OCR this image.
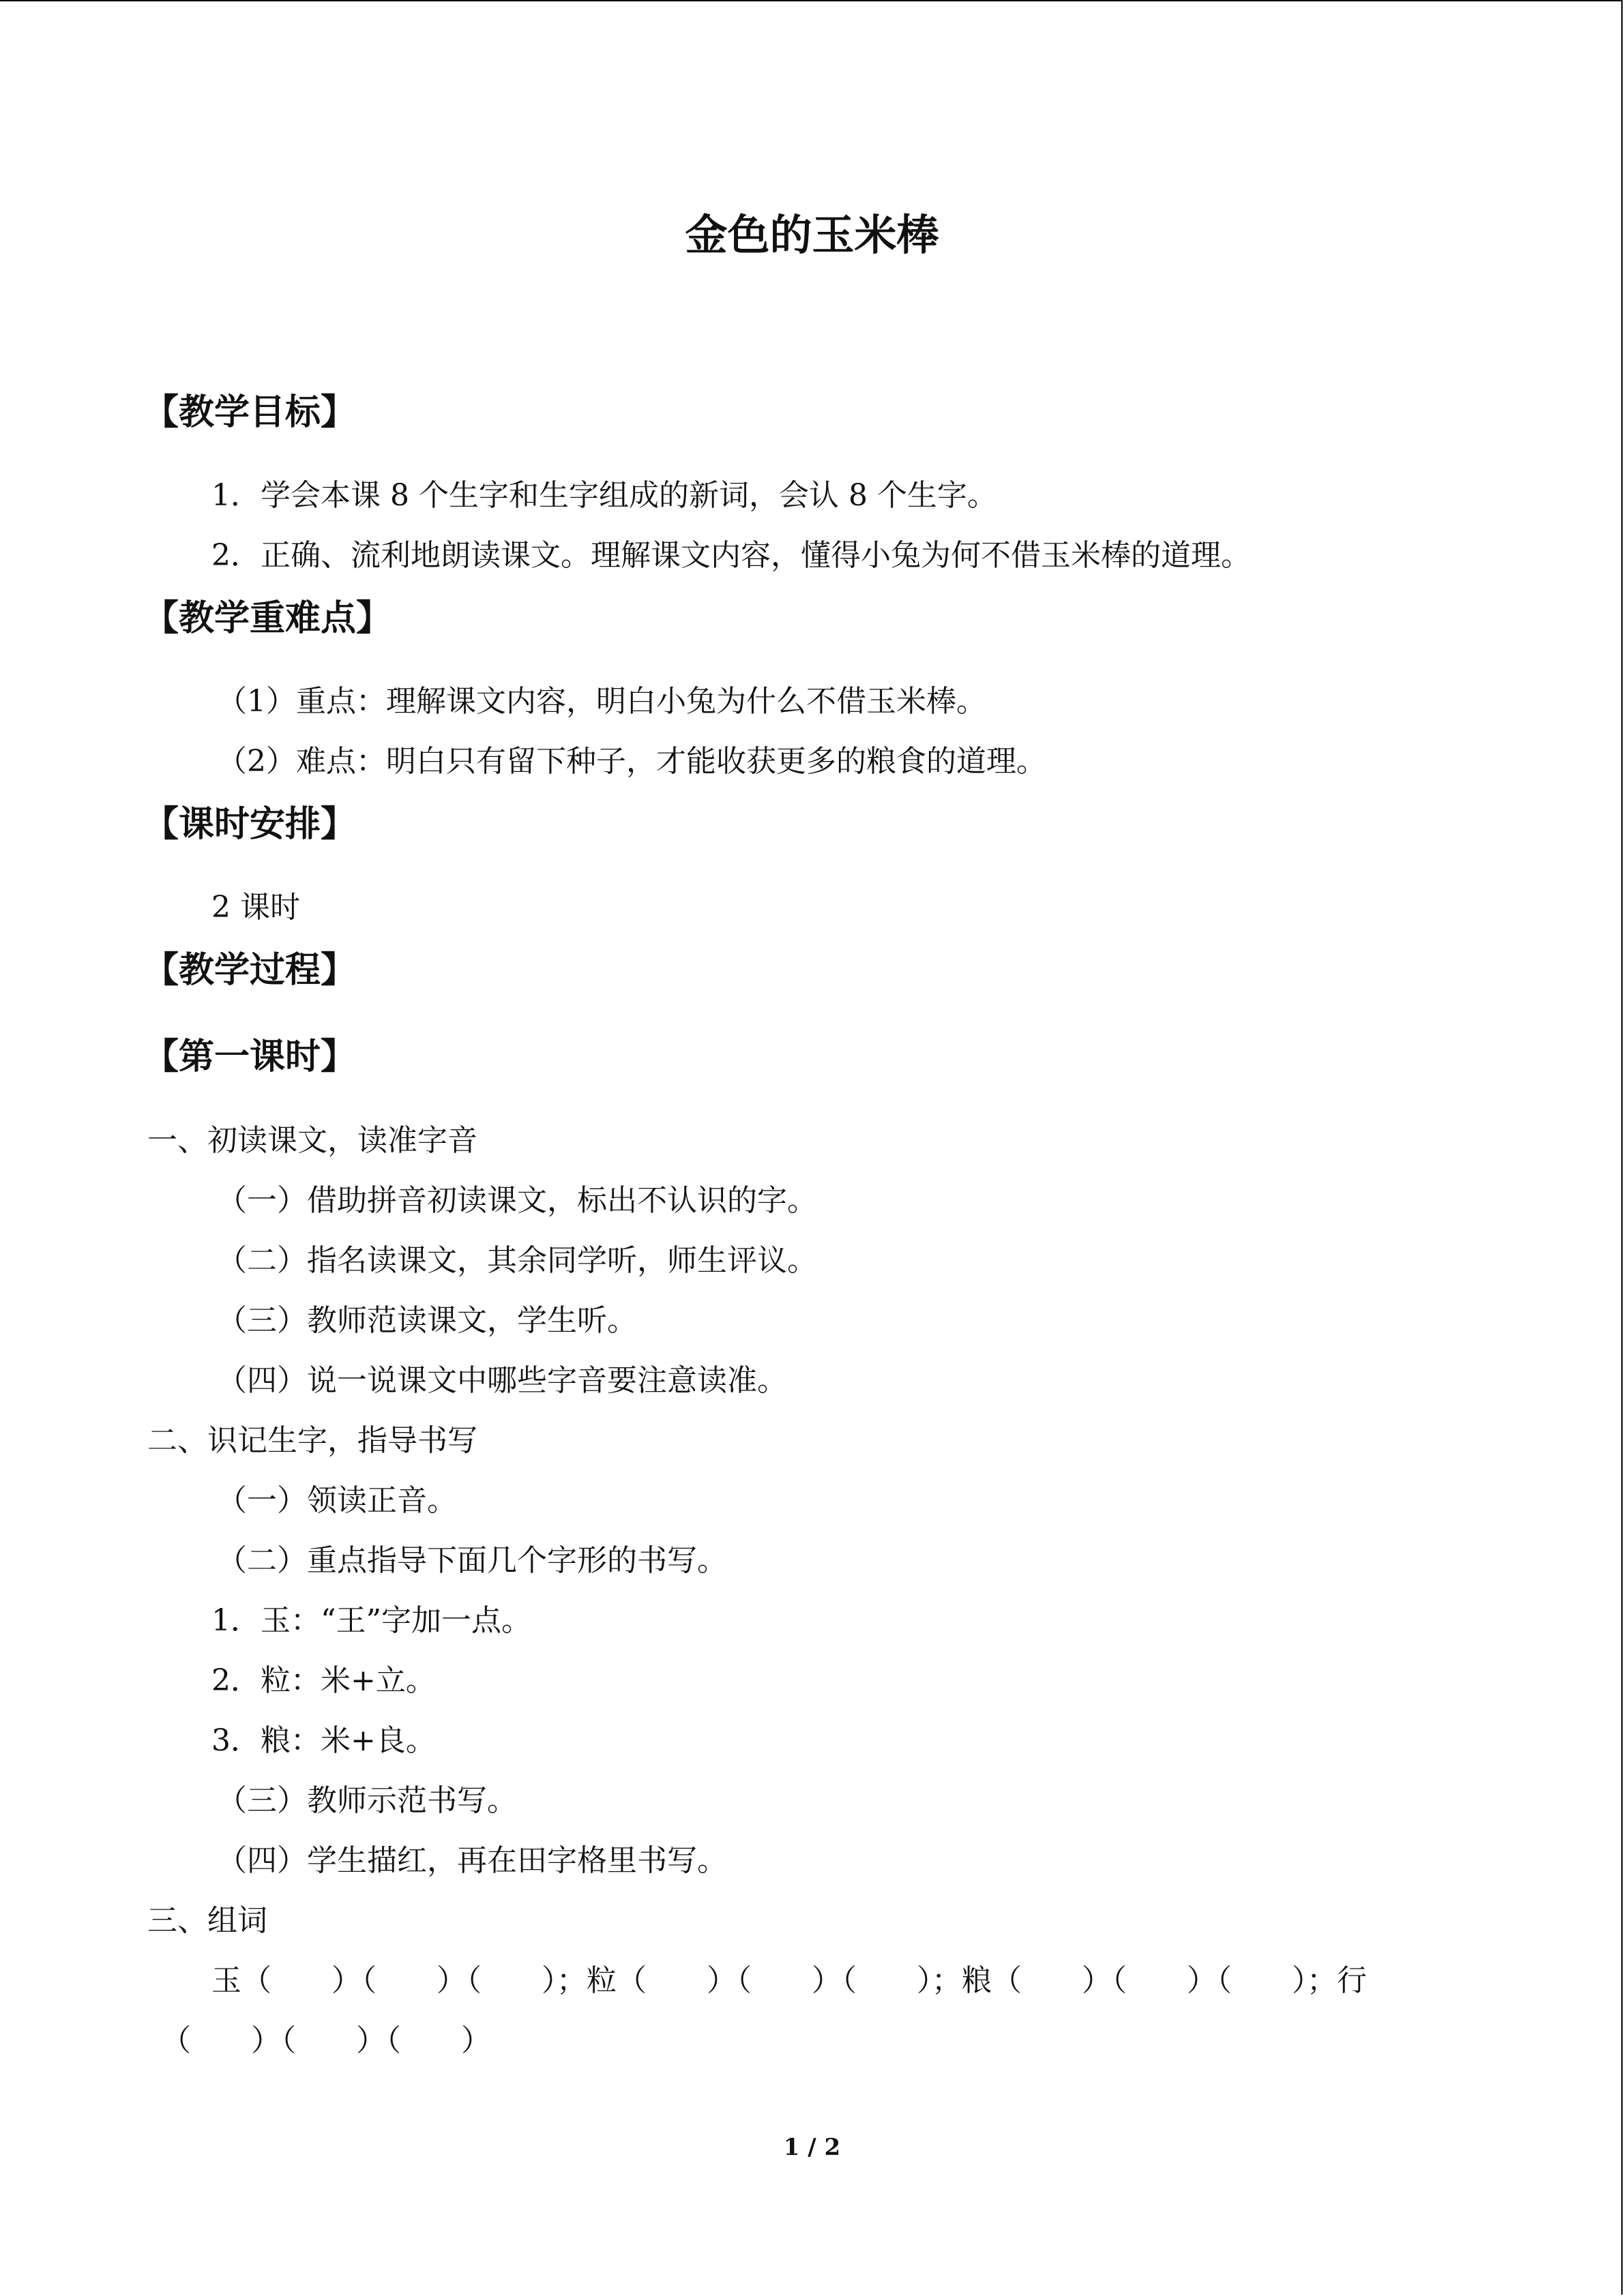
金色的玉米棒
【教学目标】
1．学会本课 8 个生字和生字组成的新词，会认 8 个生字。
2．正确、流利地朗读课文。理解课文内容，懂得小兔为何不借玉米棒的道理。
【教学重难点】
（1）重点：理解课文内容，明白小兔为什么不借玉米棒。
（2）难点：明白只有留下种子，才能收获更多的粮食的道理。
【课时安排】
2 课时
【教学过程】
【第一课时】
一、初读课文，读准字音
（一）借助拼音初读课文，标出不认识的字。
（二）指名读课文，其余同学听，师生评议。
（三）教师范读课文，学生听。
（四）说一说课文中哪些字音要注意读准。
二、识记生字，指导书写
（一）领读正音。
（二）重点指导下面几个字形的书写。
1．玉：“王”字加一点。
2．粒：米+立。
3．粮：米+良。
（三）教师示范书写。
（四）学生描红，再在田字格里书写。
三、组词
玉（　　）（　　）（　　）；粒（　　）（　　）（　　）；粮（　　）（　　）（　　）；行
（　　）（　　）（　　）
1 / 2
